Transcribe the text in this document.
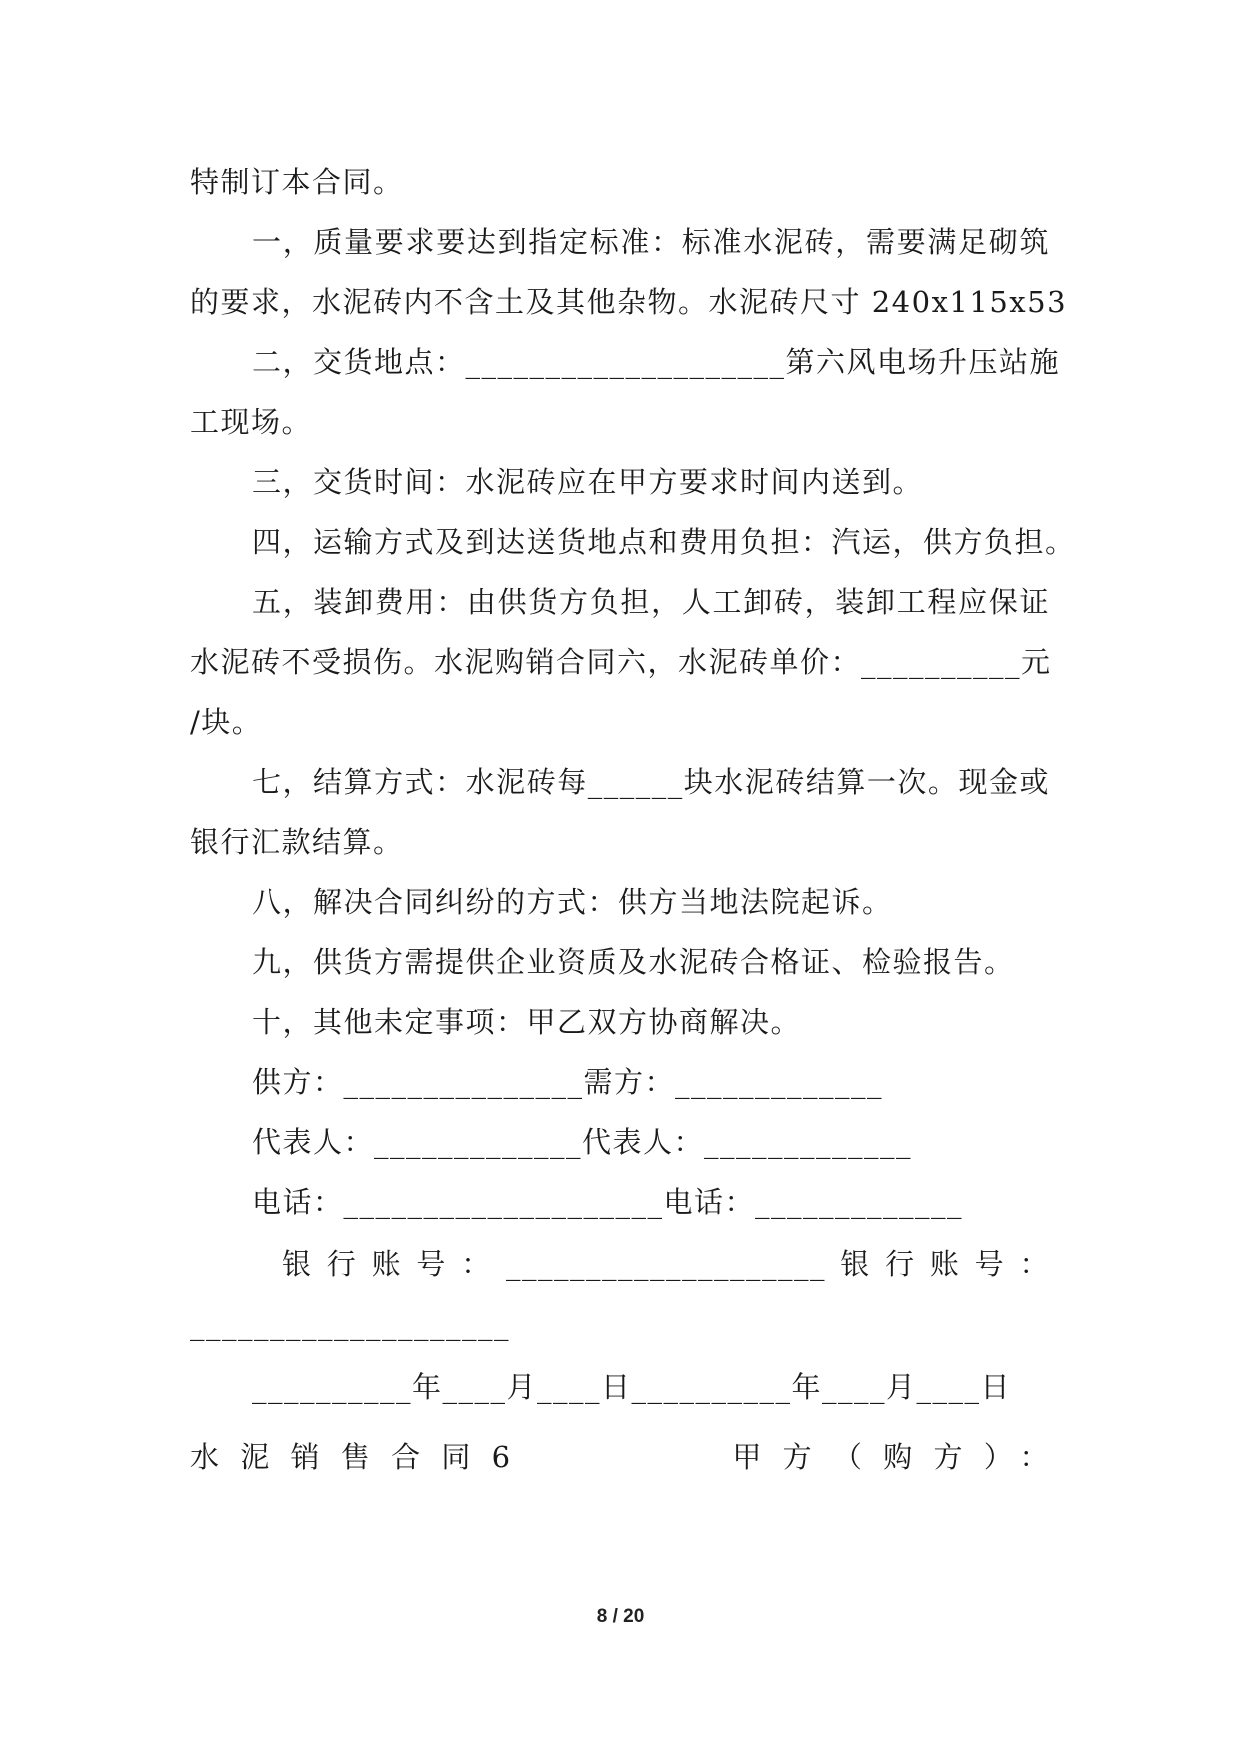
特制订本合同。
一，质量要求要达到指定标准：标准水泥砖，需要满足砌筑
的要求，水泥砖内不含土及其他杂物。水泥砖尺寸 240x115x53
二，交货地点：____________________第六风电场升压站施
工现场。
三，交货时间：水泥砖应在甲方要求时间内送到。
四，运输方式及到达送货地点和费用负担：汽运，供方负担。
五，装卸费用：由供货方负担，人工卸砖，装卸工程应保证
水泥砖不受损伤。水泥购销合同六，水泥砖单价：__________元
/块。
七，结算方式：水泥砖每______块水泥砖结算一次。现金或
银行汇款结算。
八，解决合同纠纷的方式：供方当地法院起诉。
九，供货方需提供企业资质及水泥砖合格证、检验报告。
十，其他未定事项：甲乙双方协商解决。
供方：_______________需方：_____________
代表人：_____________代表人：_____________
电话：____________________电话：_____________
银行账号：____________________银行账号：
____________________
__________年____月____日__________年____月____日
水泥销售合同6　　　　甲方（购方）：
8 / 20
